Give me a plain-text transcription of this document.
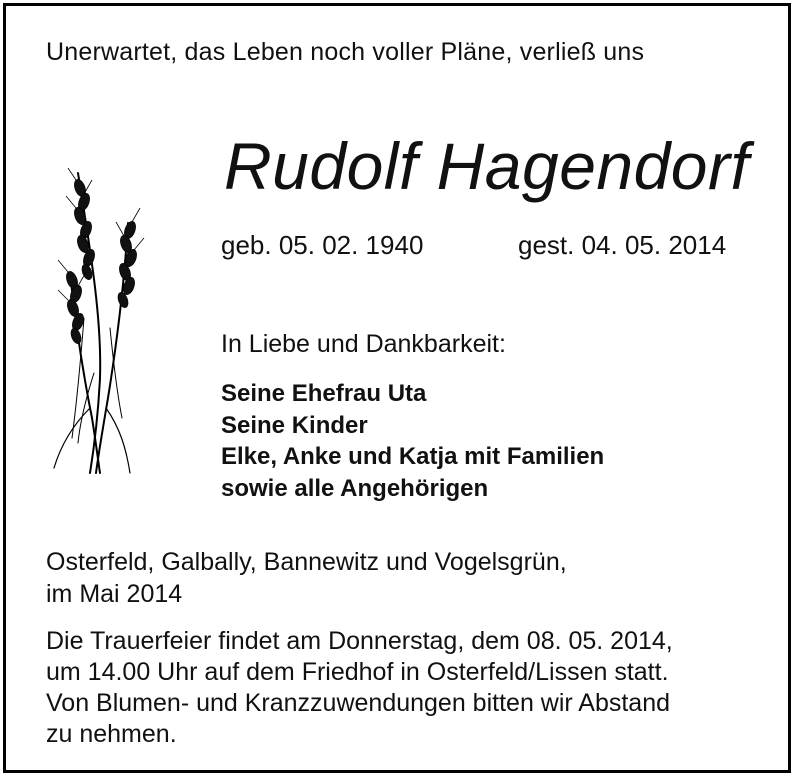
Unerwartet, das Leben noch voller Pläne, verließ uns
Rudolf Hagendorf
geb. 05. 02. 1940	gest. 04. 05. 2014
In Liebe und Dankbarkeit:
Seine Ehefrau Uta
Seine Kinder
Elke, Anke und Katja mit Familien
sowie alle Angehörigen
Osterfeld, Galbally, Bannewitz und Vogelsgrün,
im Mai 2014
Die Trauerfeier findet am Donnerstag, dem 08. 05. 2014,
um 14.00 Uhr auf dem Friedhof in Osterfeld/Lissen statt.
Von Blumen- und Kranzzuwendungen bitten wir Abstand
zu nehmen.
